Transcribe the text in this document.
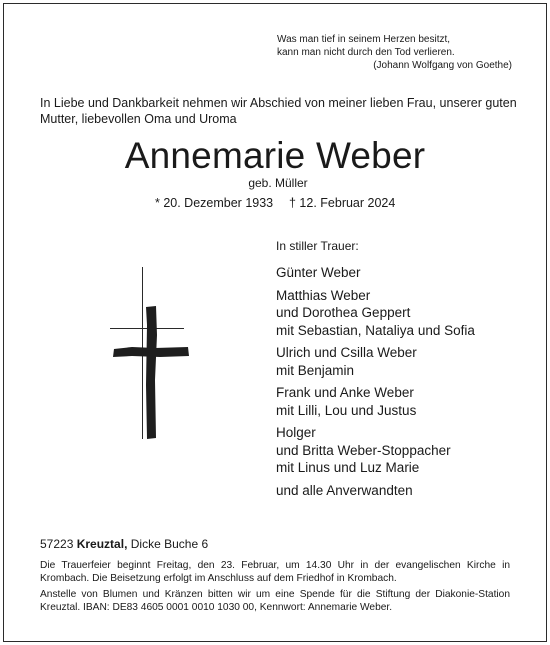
Was man tief in seinem Herzen besitzt,
kann man nicht durch den Tod verlieren.
(Johann Wolfgang von Goethe)
In Liebe und Dankbarkeit nehmen wir Abschied von meiner lieben Frau, unserer guten
Mutter, liebevollen Oma und Uroma
Annemarie Weber
geb. Müller
* 20. Dezember 1933 † 12. Februar 2024
In stiller Trauer:
Günter Weber
Matthias Weber
und Dorothea Geppert
mit Sebastian, Nataliya und Sofia
Ulrich und Csilla Weber
mit Benjamin
Frank und Anke Weber
mit Lilli, Lou und Justus
Holger
und Britta Weber-Stoppacher
mit Linus und Luz Marie
und alle Anverwandten
57223 Kreuztal, Dicke Buche 6
Die Trauerfeier beginnt Freitag, den 23. Februar, um 14.30 Uhr in der evangelischen Kirche in
Krombach. Die Beisetzung erfolgt im Anschluss auf dem Friedhof in Krombach.
Anstelle von Blumen und Kränzen bitten wir um eine Spende für die Stiftung der Diakonie-Station
Kreuztal. IBAN: DE83 4605 0001 0010 1030 00, Kennwort: Annemarie Weber.
